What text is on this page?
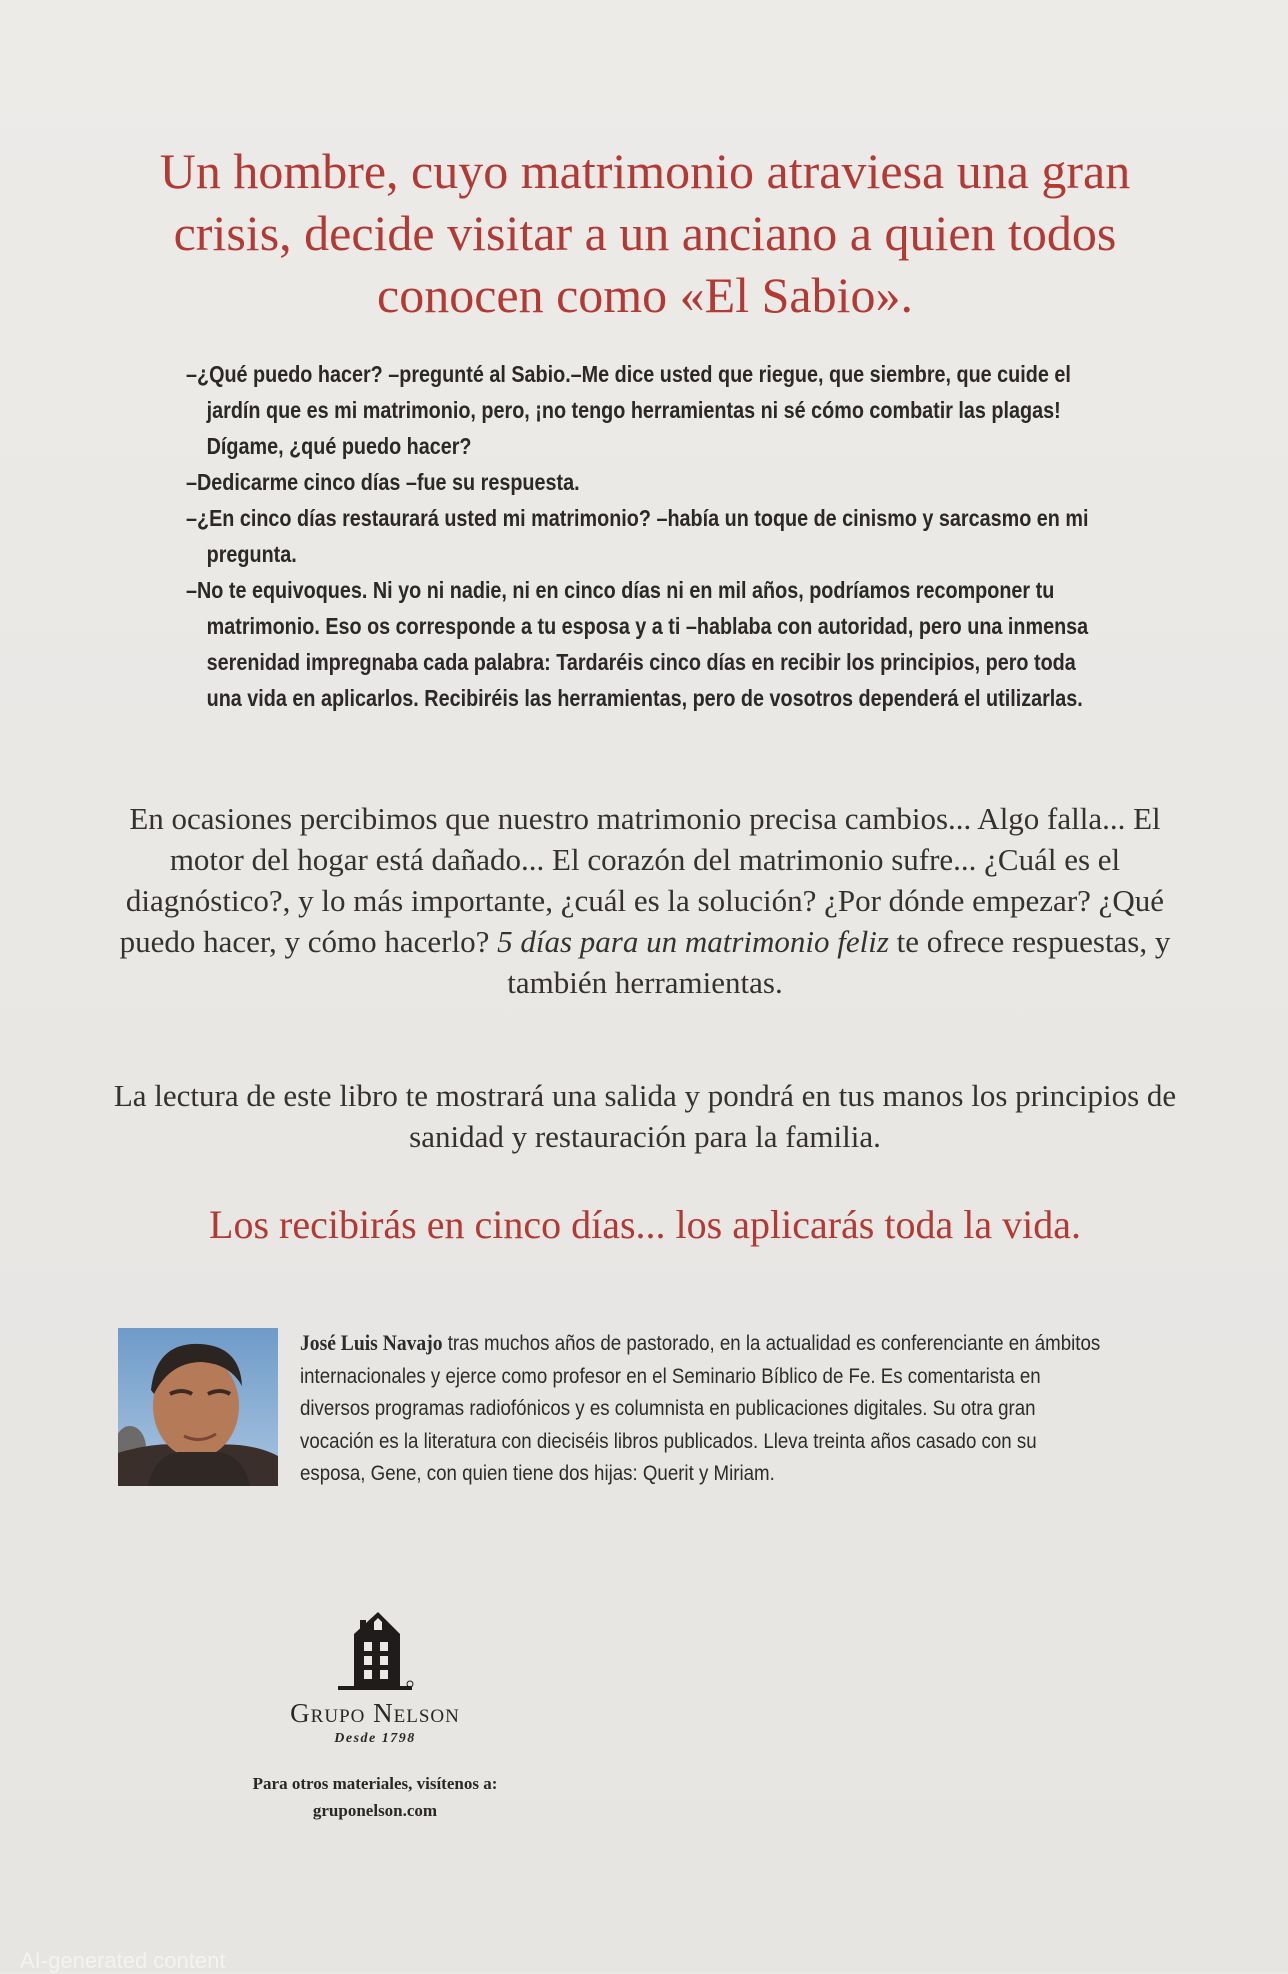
Un hombre, cuyo matrimonio atraviesa una gran crisis, decide visitar a un anciano a quien todos conocen como «El Sabio».

–¿Qué puedo hacer? –pregunté al Sabio.–Me dice usted que riegue, que siembre, que cuide el jardín que es mi matrimonio, pero, ¡no tengo herramientas ni sé cómo combatir las plagas! Dígame, ¿qué puedo hacer?

–Dedicarme cinco días –fue su respuesta.

–¿En cinco días restaurará usted mi matrimonio? –había un toque de cinismo y sarcasmo en mi pregunta.

–No te equivoques. Ni yo ni nadie, ni en cinco días ni en mil años, podríamos recomponer tu matrimonio. Eso os corresponde a tu esposa y a ti –hablaba con autoridad, pero una inmensa serenidad impregnaba cada palabra: Tardaréis cinco días en recibir los principios, pero toda una vida en aplicarlos. Recibiréis las herramientas, pero de vosotros dependerá el utilizarlas.

En ocasiones percibimos que nuestro matrimonio precisa cambios... Algo falla... El motor del hogar está dañado... El corazón del matrimonio sufre... ¿Cuál es el diagnóstico?, y lo más importante, ¿cuál es la solución? ¿Por dónde empezar? ¿Qué puedo hacer, y cómo hacerlo? 5 días para un matrimonio feliz te ofrece respuestas, y también herramientas.

La lectura de este libro te mostrará una salida y pondrá en tus manos los principios de sanidad y restauración para la familia.

Los recibirás en cinco días... los aplicarás toda la vida.

José Luis Navajo tras muchos años de pastorado, en la actualidad es conferenciante en ámbitos internacionales y ejerce como profesor en el Seminario Bíblico de Fe. Es comentarista en diversos programas radiofónicos y es columnista en publicaciones digitales. Su otra gran vocación es la literatura con dieciséis libros publicados. Lleva treinta años casado con su esposa, Gene, con quien tiene dos hijas: Querit y Miriam.

Grupo Nelson
Desde 1798
Para otros materiales, visítenos a:
gruponelson.com
AI-generated content
